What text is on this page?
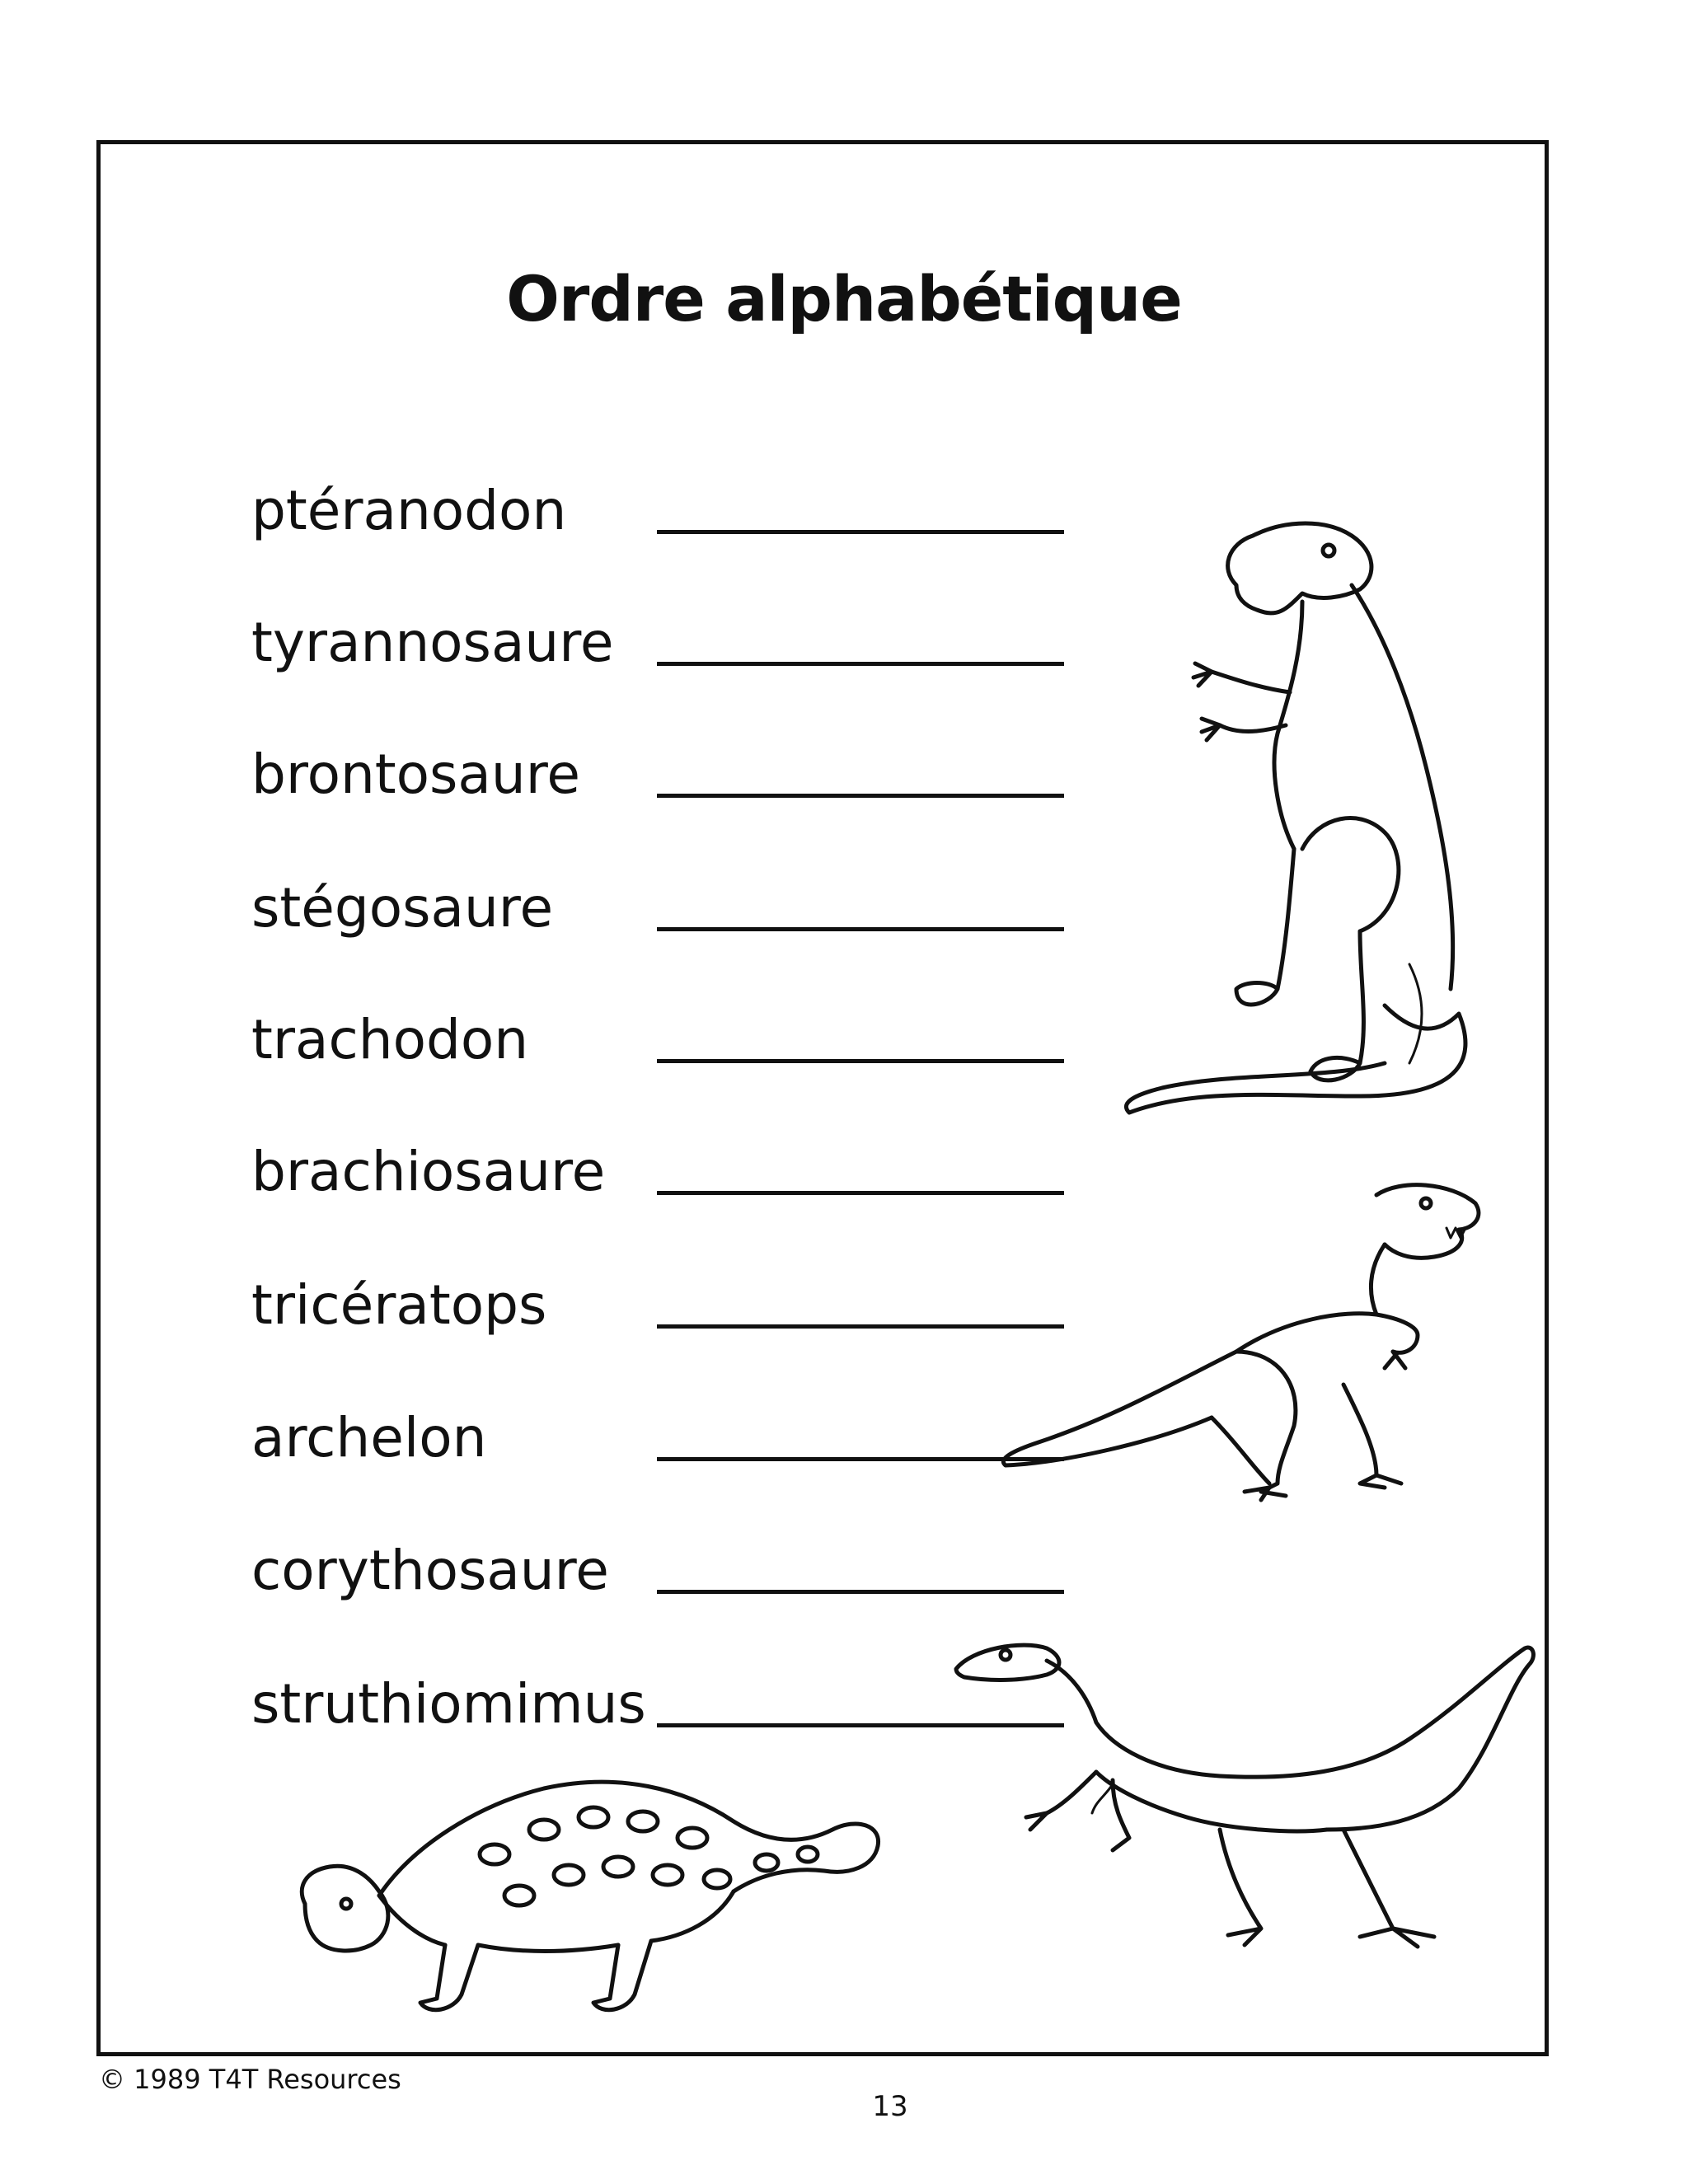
Ordre alphabétique
ptéranodon
tyrannosaure
brontosaure
stégosaure
trachodon
brachiosaure
tricératops
archelon
corythosaure
struthiomimus
© 1989 T4T Resources
13
